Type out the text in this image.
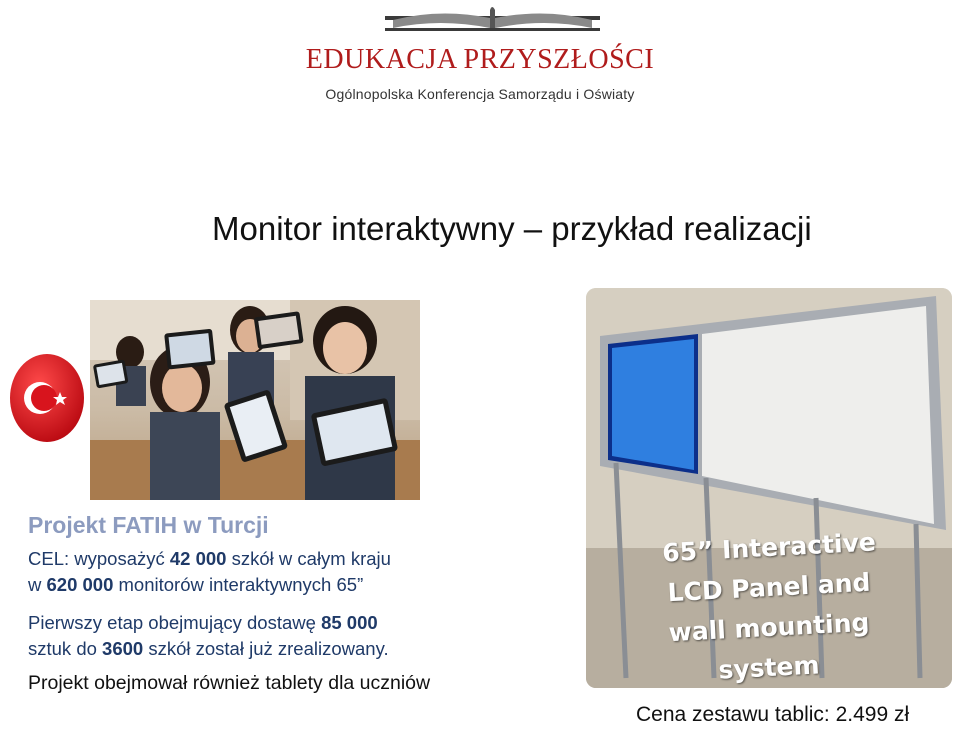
EDUKACJA PRZYSZŁOŚCI
Ogólnopolska Konferencja Samorządu i Oświaty
Monitor interaktywny – przykład realizacji
65” Interactive
LCD Panel and
wall mounting
system
Projekt FATIH w Turcji
CEL: wyposażyć 42 000 szkół w całym kraju
w 620 000 monitorów interaktywnych 65”
Pierwszy etap obejmujący dostawę 85 000
sztuk do 3600 szkół został już zrealizowany.
Projekt obejmował również tablety dla uczniów
Cena zestawu tablic: 2.499 zł
